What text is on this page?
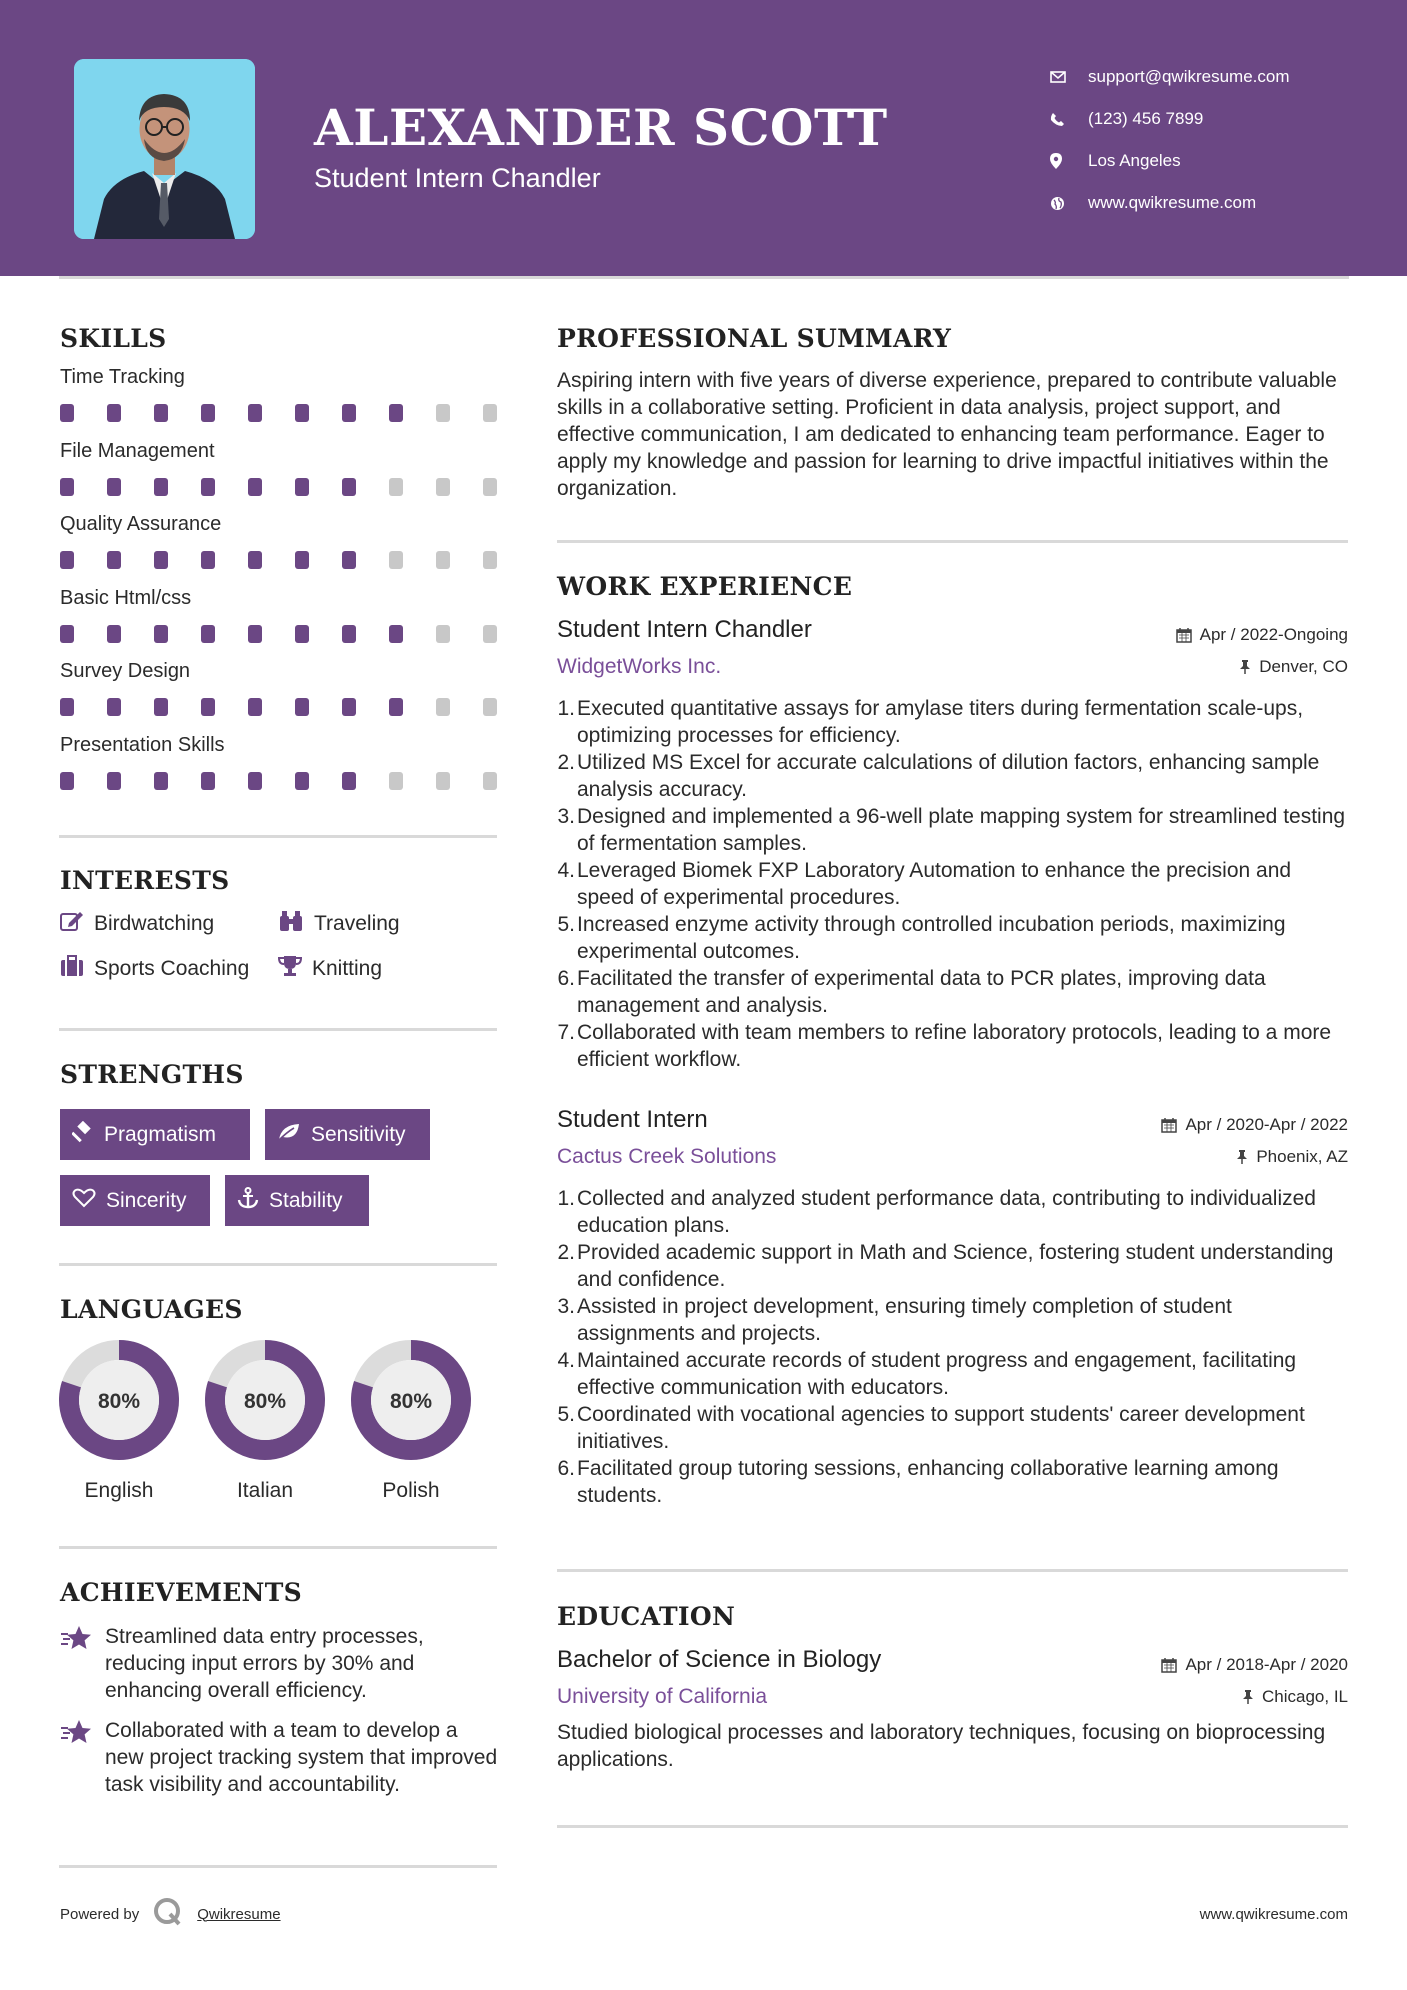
ALEXANDER SCOTT
Student Intern Chandler
support@qwikresume.com
(123) 456 7899
Los Angeles
www.qwikresume.com
SKILLS
Time Tracking
File Management
Quality Assurance
Basic Html/css
Survey Design
Presentation Skills
INTERESTS
Birdwatching	Traveling
Sports Coaching	Knitting
STRENGTHS
Pragmatism	Sensitivity
Sincerity	Stability
LANGUAGES
80%
English
80%
Italian
80%
Polish
ACHIEVEMENTS
Streamlined data entry processes, reducing input errors by 30% and enhancing overall efficiency.
Collaborated with a team to develop a new project tracking system that improved task visibility and accountability.
PROFESSIONAL SUMMARY
Aspiring intern with five years of diverse experience, prepared to contribute valuable skills in a collaborative setting. Proficient in data analysis, project support, and effective communication, I am dedicated to enhancing team performance. Eager to apply my knowledge and passion for learning to drive impactful initiatives within the organization.
WORK EXPERIENCE
Student Intern Chandler	Apr / 2022-Ongoing
WidgetWorks Inc.	Denver, CO
1. Executed quantitative assays for amylase titers during fermentation scale-ups, optimizing processes for efficiency.
2. Utilized MS Excel for accurate calculations of dilution factors, enhancing sample analysis accuracy.
3. Designed and implemented a 96-well plate mapping system for streamlined testing of fermentation samples.
4. Leveraged Biomek FXP Laboratory Automation to enhance the precision and speed of experimental procedures.
5. Increased enzyme activity through controlled incubation periods, maximizing experimental outcomes.
6. Facilitated the transfer of experimental data to PCR plates, improving data management and analysis.
7. Collaborated with team members to refine laboratory protocols, leading to a more efficient workflow.
Student Intern	Apr / 2020-Apr / 2022
Cactus Creek Solutions	Phoenix, AZ
1. Collected and analyzed student performance data, contributing to individualized education plans.
2. Provided academic support in Math and Science, fostering student understanding and confidence.
3. Assisted in project development, ensuring timely completion of student assignments and projects.
4. Maintained accurate records of student progress and engagement, facilitating effective communication with educators.
5. Coordinated with vocational agencies to support students' career development initiatives.
6. Facilitated group tutoring sessions, enhancing collaborative learning among students.
EDUCATION
Bachelor of Science in Biology	Apr / 2018-Apr / 2020
University of California	Chicago, IL
Studied biological processes and laboratory techniques, focusing on bioprocessing applications.
Powered by	Qwikresume	www.qwikresume.com
